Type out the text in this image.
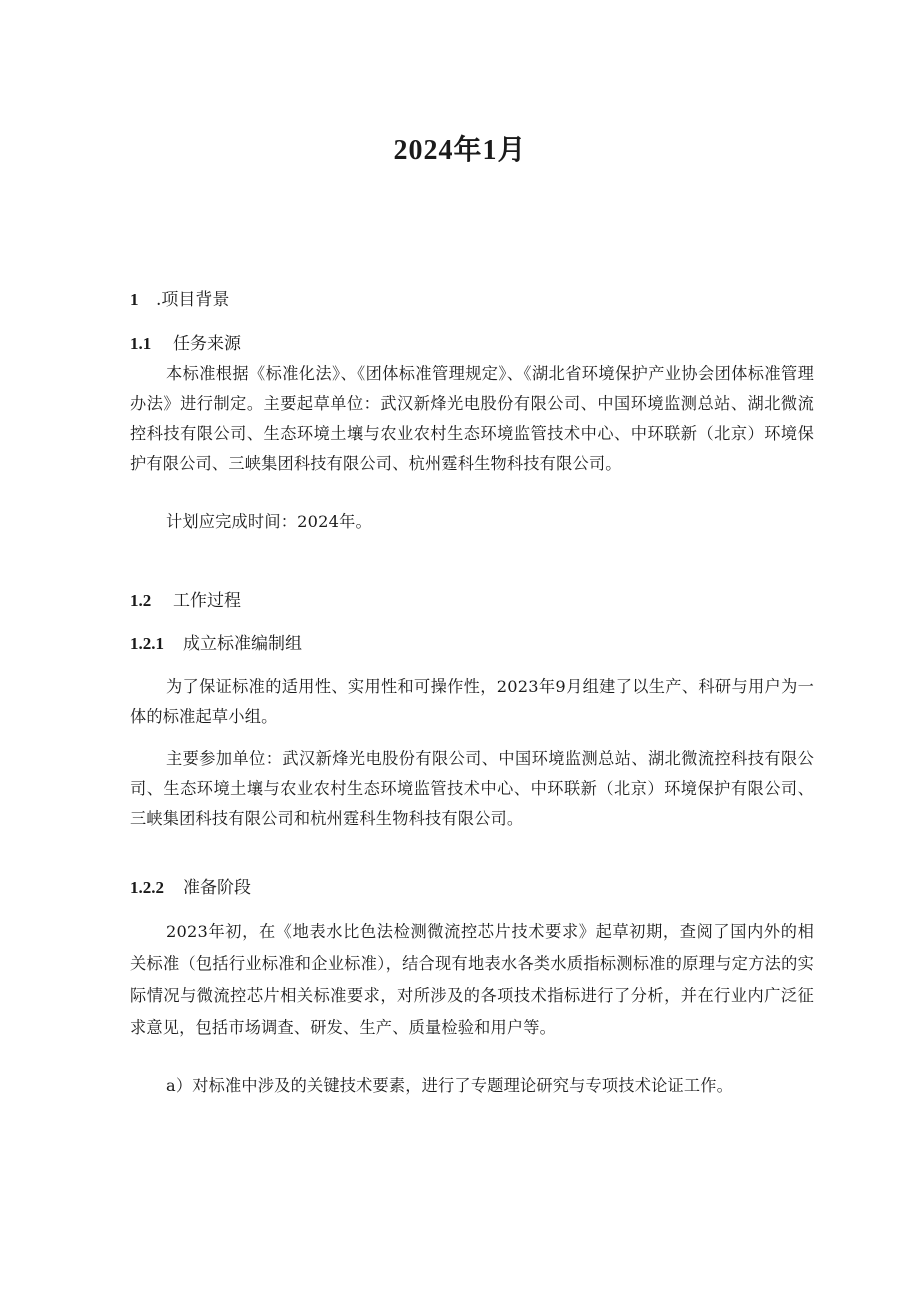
2024年1月
1 .项目背景
1.1 任务来源
本标准根据《标准化法》、《团体标准管理规定》、《湖北省环境保护产业协会团体标准管理办法》进行制定。主要起草单位：武汉新烽光电股份有限公司、中国环境监测总站、湖北微流控科技有限公司、生态环境土壤与农业农村生态环境监管技术中心、中环联新（北京）环境保护有限公司、三峡集团科技有限公司、杭州霆科生物科技有限公司。
计划应完成时间：2024年。
1.2 工作过程
1.2.1 成立标准编制组
为了保证标准的适用性、实用性和可操作性，2023年9月组建了以生产、科研与用户为一体的标准起草小组。
主要参加单位：武汉新烽光电股份有限公司、中国环境监测总站、湖北微流控科技有限公司、生态环境土壤与农业农村生态环境监管技术中心、中环联新（北京）环境保护有限公司、三峡集团科技有限公司和杭州霆科生物科技有限公司。
1.2.2 准备阶段
2023年初，在《地表水比色法检测微流控芯片技术要求》起草初期，查阅了国内外的相关标准（包括行业标准和企业标准），结合现有地表水各类水质指标测标准的原理与定方法的实际情况与微流控芯片相关标准要求，对所涉及的各项技术指标进行了分析，并在行业内广泛征求意见，包括市场调查、研发、生产、质量检验和用户等。
a）对标准中涉及的关键技术要素，进行了专题理论研究与专项技术论证工作。
